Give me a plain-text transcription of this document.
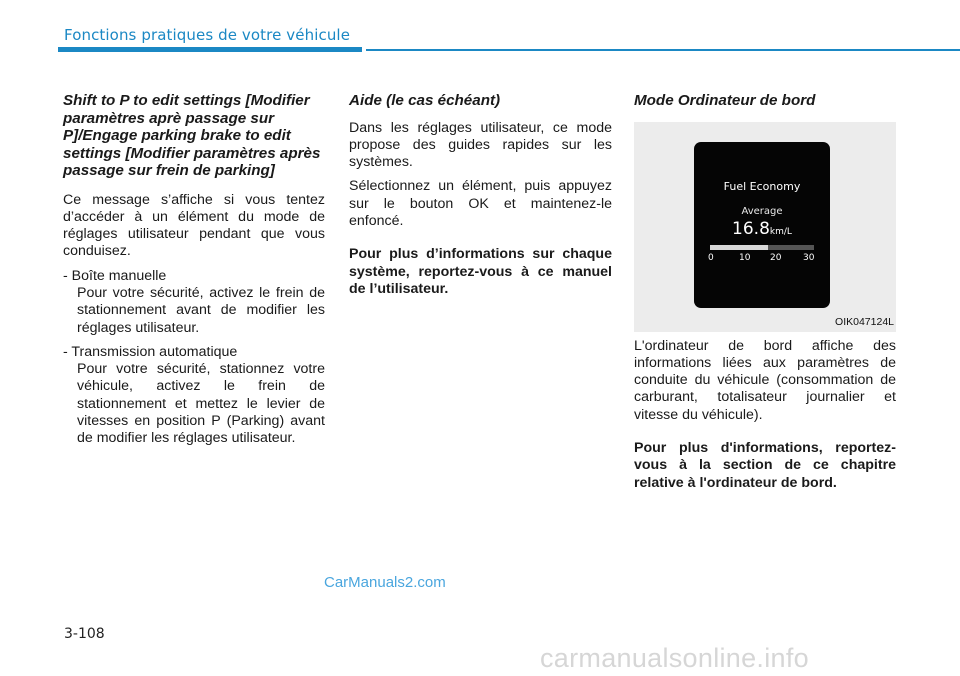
Fonctions pratiques de votre véhicule
Shift to P to edit settings [Modifier paramètres aprè passage sur P]/Engage parking brake to edit settings [Modifier paramètres après passage sur frein de parking]

Ce message s’affiche si vous tentez d’accéder à un élément du mode de réglages utilisateur pendant que vous conduisez.

- Boîte manuelle

Pour votre sécurité, activez le frein de stationnement avant de modifier les réglages utilisateur.

- Transmission automatique

Pour votre sécurité, stationnez votre véhicule, activez le frein de stationnement et mettez le levier de vitesses en position P (Parking) avant de modifier les réglages utilisateur.

Aide (le cas échéant)

Dans les réglages utilisateur, ce mode propose des guides rapides sur les systèmes.

Sélectionnez un élément, puis appuyez sur le bouton OK et maintenez-le enfoncé.

Pour plus d’informations sur chaque système, reportez-vous à ce manuel de l’utilisateur.

Mode Ordinateur de bord
Fuel Economy
Average
16.8km/L
0	10 20 30
OIK047124L

L'ordinateur de bord affiche des informations liées aux paramètres de conduite du véhicule (consommation de carburant, totalisateur journalier et vitesse du véhicule).

Pour plus d'informations, reportez-vous à la section de ce chapitre relative à l'ordinateur de bord.

CarManuals2.com
3-108
carmanualsonline.info
